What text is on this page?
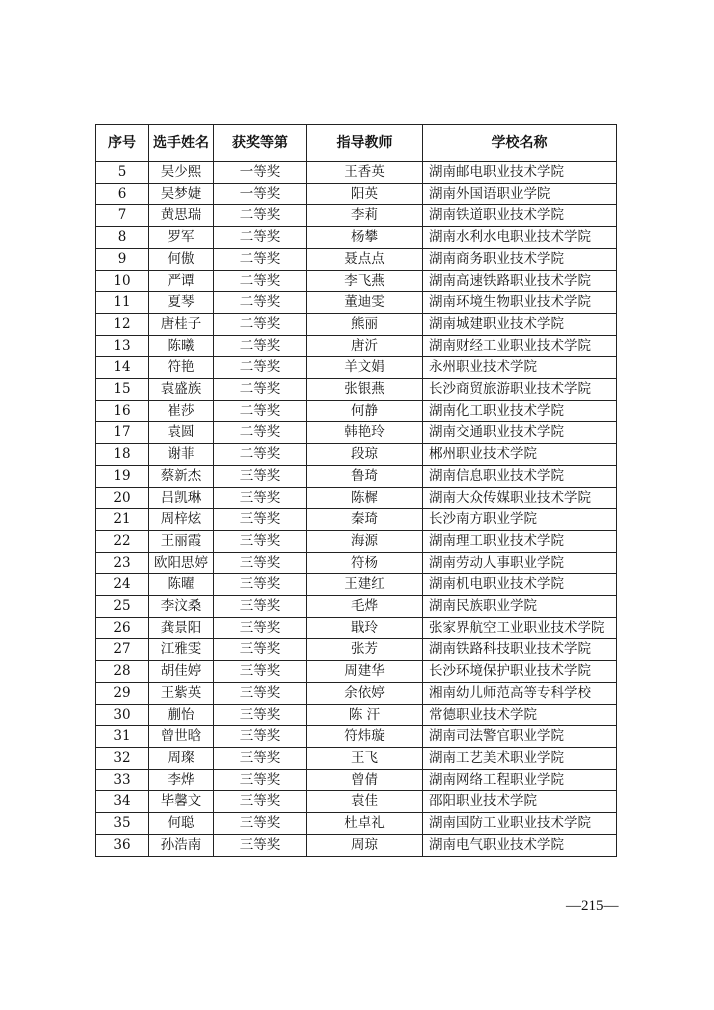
序号	选手姓名	获奖等第	指导教师	学校名称
5	吴少熙	一等奖	王香英	湖南邮电职业技术学院
6	吴梦婕	一等奖	阳英	湖南外国语职业学院
7	黄思瑞	二等奖	李莉	湖南铁道职业技术学院
8	罗军	二等奖	杨攀	湖南水利水电职业技术学院
9	何傲	二等奖	聂点点	湖南商务职业技术学院
10	严谭	二等奖	李飞燕	湖南高速铁路职业技术学院
11	夏琴	二等奖	董迪雯	湖南环境生物职业技术学院
12	唐桂子	二等奖	熊丽	湖南城建职业技术学院
13	陈曦	二等奖	唐沂	湖南财经工业职业技术学院
14	符艳	二等奖	羊文娟	永州职业技术学院
15	袁盛族	二等奖	张银燕	长沙商贸旅游职业技术学院
16	崔莎	二等奖	何静	湖南化工职业技术学院
17	袁圆	二等奖	韩艳玲	湖南交通职业技术学院
18	谢菲	二等奖	段琼	郴州职业技术学院
19	蔡新杰	三等奖	鲁琦	湖南信息职业技术学院
20	吕凯琳	三等奖	陈樨	湖南大众传媒职业技术学院
21	周梓炫	三等奖	秦琦	长沙南方职业学院
22	王丽霞	三等奖	海源	湖南理工职业技术学院
23	欧阳思婷	三等奖	符杨	湖南劳动人事职业学院
24	陈曜	三等奖	王建红	湖南机电职业技术学院
25	李汶桑	三等奖	毛烨	湖南民族职业学院
26	龚景阳	三等奖	戢玲	张家界航空工业职业技术学院
27	江雅雯	三等奖	张芳	湖南铁路科技职业技术学院
28	胡佳婷	三等奖	周建华	长沙环境保护职业技术学院
29	王紫英	三等奖	余依婷	湘南幼儿师范高等专科学校
30	蒯怡	三等奖	陈 汗	常德职业技术学院
31	曾世晗	三等奖	符炜璇	湖南司法警官职业学院
32	周璨	三等奖	王飞	湖南工艺美术职业学院
33	李烨	三等奖	曾倩	湖南网络工程职业学院
34	毕馨文	三等奖	袁佳	邵阳职业技术学院
35	何聪	三等奖	杜卓礼	湖南国防工业职业技术学院
36	孙浩南	三等奖	周琼	湖南电气职业技术学院
—215—
